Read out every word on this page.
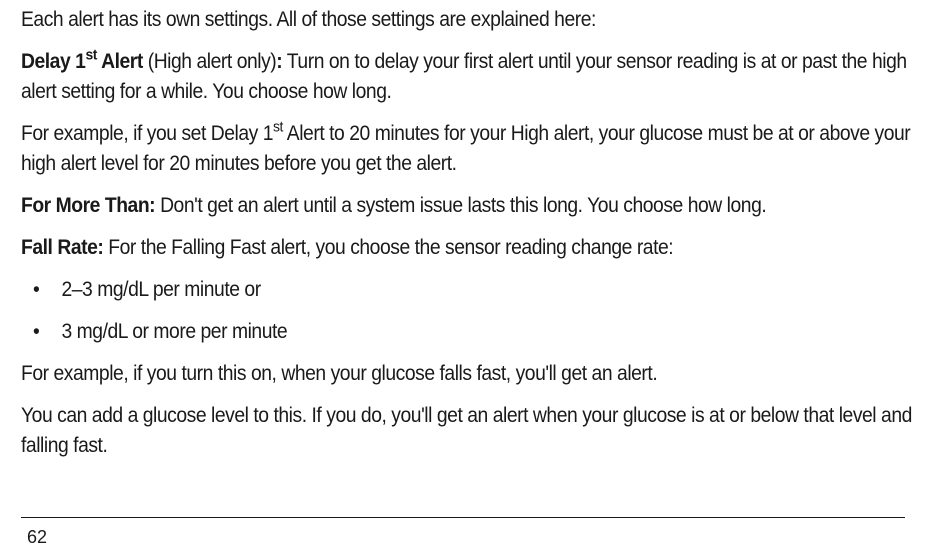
Each alert has its own settings. All of those settings are explained here:

Delay 1st Alert (High alert only): Turn on to delay your first alert until your sensor reading is at or past the high alert setting for a while. You choose how long.

For example, if you set Delay 1st Alert to 20 minutes for your High alert, your glucose must be at or above your high alert level for 20 minutes before you get the alert.

For More Than: Don't get an alert until a system issue lasts this long. You choose how long.

Fall Rate: For the Falling Fast alert, you choose the sensor reading change rate:

• 2–3 mg/dL per minute or
• 3 mg/dL or more per minute

For example, if you turn this on, when your glucose falls fast, you'll get an alert.

You can add a glucose level to this. If you do, you'll get an alert when your glucose is at or below that level and falling fast.

62
